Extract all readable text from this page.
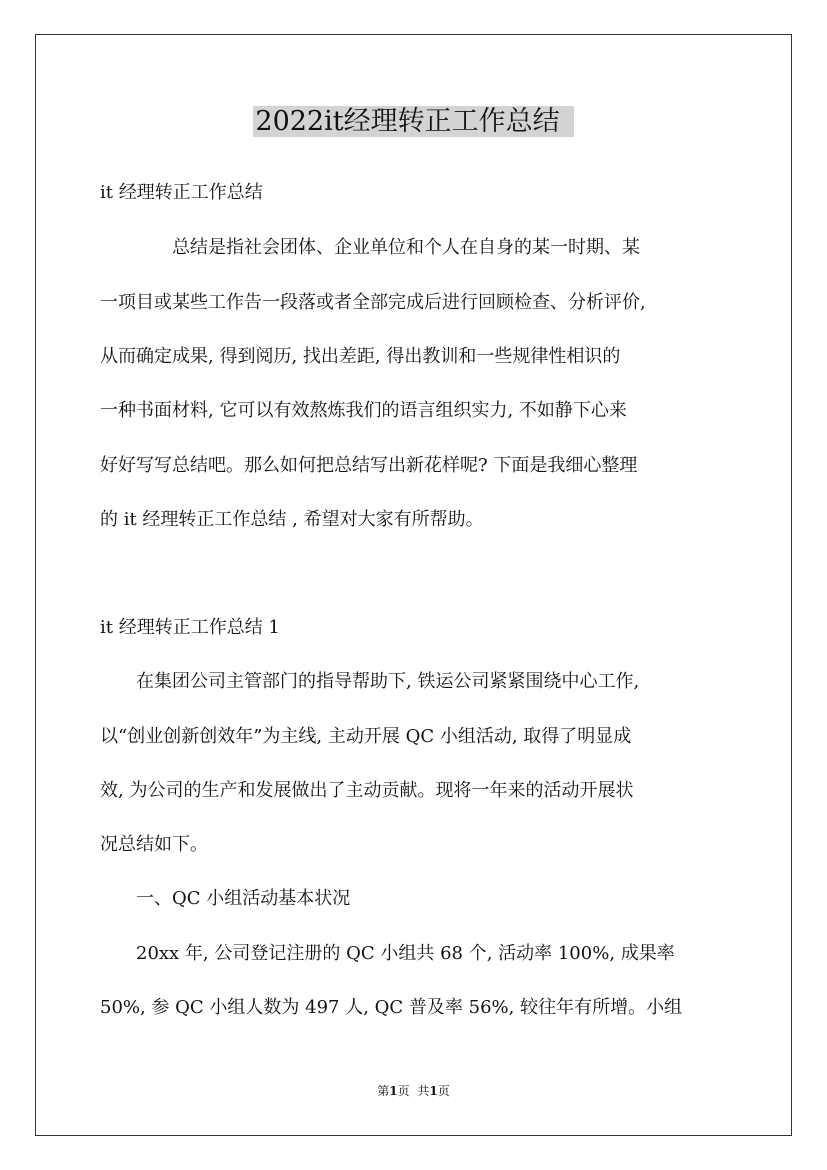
2022it经理转正工作总结
it 经理转正工作总结
　　　　总结是指社会团体、企业单位和个人在自身的某一时期、某
一项目或某些工作告一段落或者全部完成后进行回顾检查、分析评价,
从而确定成果, 得到阅历, 找出差距, 得出教训和一些规律性相识的
一种书面材料, 它可以有效熬炼我们的语言组织实力, 不如静下心来
好好写写总结吧。那么如何把总结写出新花样呢? 下面是我细心整理
的 it 经理转正工作总结 , 希望对大家有所帮助。
it 经理转正工作总结 1
　　在集团公司主管部门的指导帮助下, 铁运公司紧紧围绕中心工作,
以“创业创新创效年”为主线, 主动开展 QC 小组活动, 取得了明显成
效, 为公司的生产和发展做出了主动贡献。现将一年来的活动开展状
况总结如下。
　　一、QC 小组活动基本状况
　　20xx 年, 公司登记注册的 QC 小组共 68 个, 活动率 100%, 成果率
50%, 参 QC 小组人数为 497 人, QC 普及率 56%, 较往年有所增。小组
第1页 共1页
